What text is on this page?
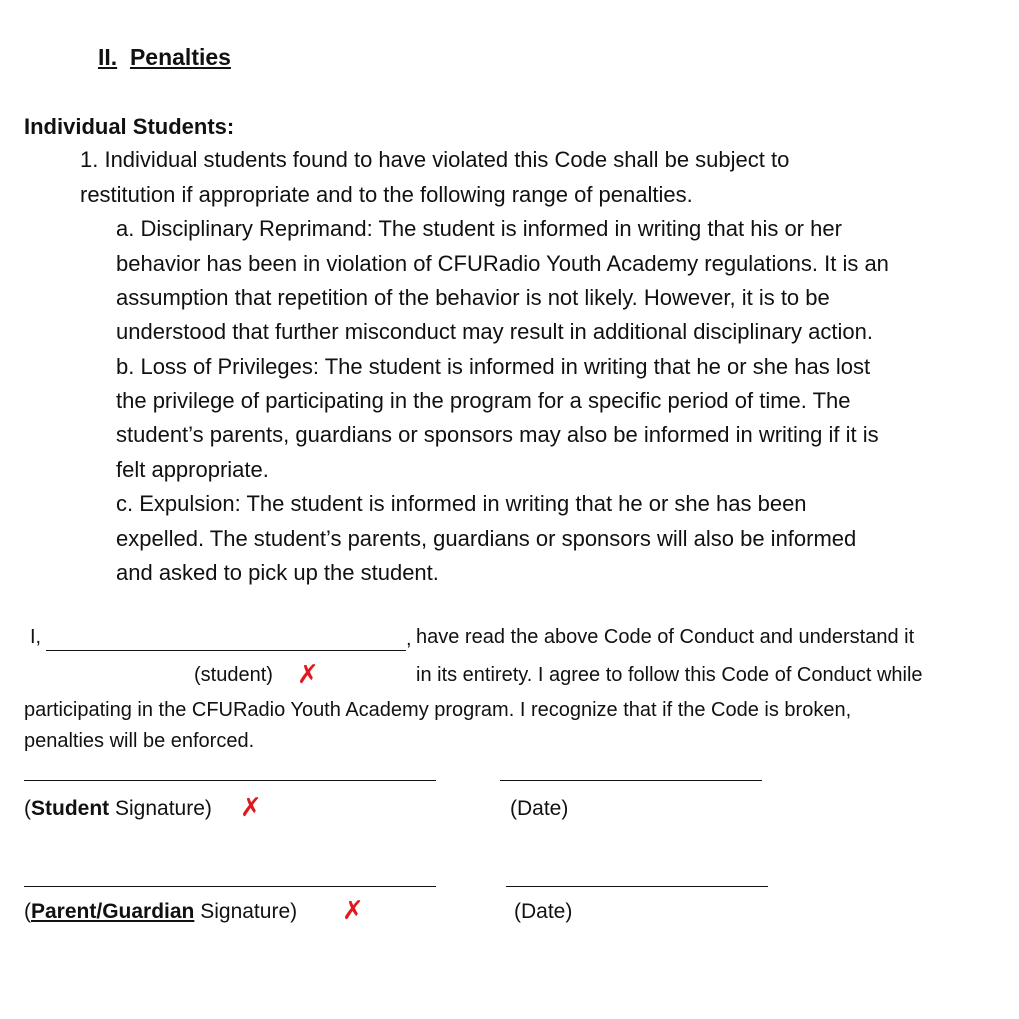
II. Penalties
Individual Students:
1. Individual students found to have violated this Code shall be subject to
restitution if appropriate and to the following range of penalties.
a. Disciplinary Reprimand: The student is informed in writing that his or her
behavior has been in violation of CFURadio Youth Academy regulations. It is an
assumption that repetition of the behavior is not likely. However, it is to be
understood that further misconduct may result in additional disciplinary action.
b. Loss of Privileges: The student is informed in writing that he or she has lost
the privilege of participating in the program for a specific period of time. The
student’s parents, guardians or sponsors may also be informed in writing if it is
felt appropriate.
c. Expulsion: The student is informed in writing that he or she has been
expelled. The student’s parents, guardians or sponsors will also be informed
and asked to pick up the student.
I,	, have read the above Code of Conduct and understand it
(student) ✗	in its entirety. I agree to follow this Code of Conduct while
participating in the CFURadio Youth Academy program. I recognize that if the Code is broken,
penalties will be enforced.
(Student Signature) ✗	(Date)
(Parent/Guardian Signature) ✗	(Date)
